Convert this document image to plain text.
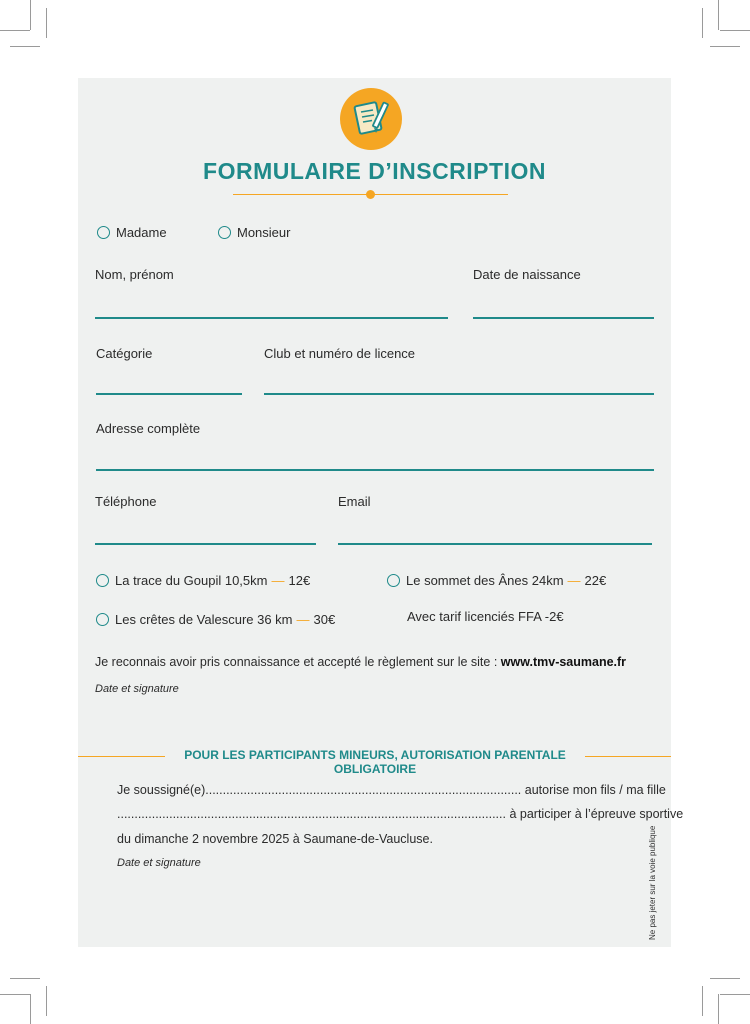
FORMULAIRE D’INSCRIPTION
Madame	Monsieur
Nom, prénom	Date de naissance
Catégorie	Club et numéro de licence
Adresse complète
Téléphone	Email
La trace du Goupil 10,5km — 12€	Le sommet des Ânes 24km — 22€
Les crêtes de Valescure 36 km — 30€	Avec tarif licenciés FFA -2€
Je reconnais avoir pris connaissance et accepté le règlement sur le site : www.tmv-saumane.fr
Date et signature
POUR LES PARTICIPANTS MINEURS, AUTORISATION PARENTALE OBLIGATOIRE
Je soussigné(e)........................................................................................... autorise mon fils / ma fille
................................................................................................................ à participer à l’épreuve sportive
du dimanche 2 novembre 2025 à Saumane-de-Vaucluse.
Date et signature	Ne pas jeter sur la voie publique
